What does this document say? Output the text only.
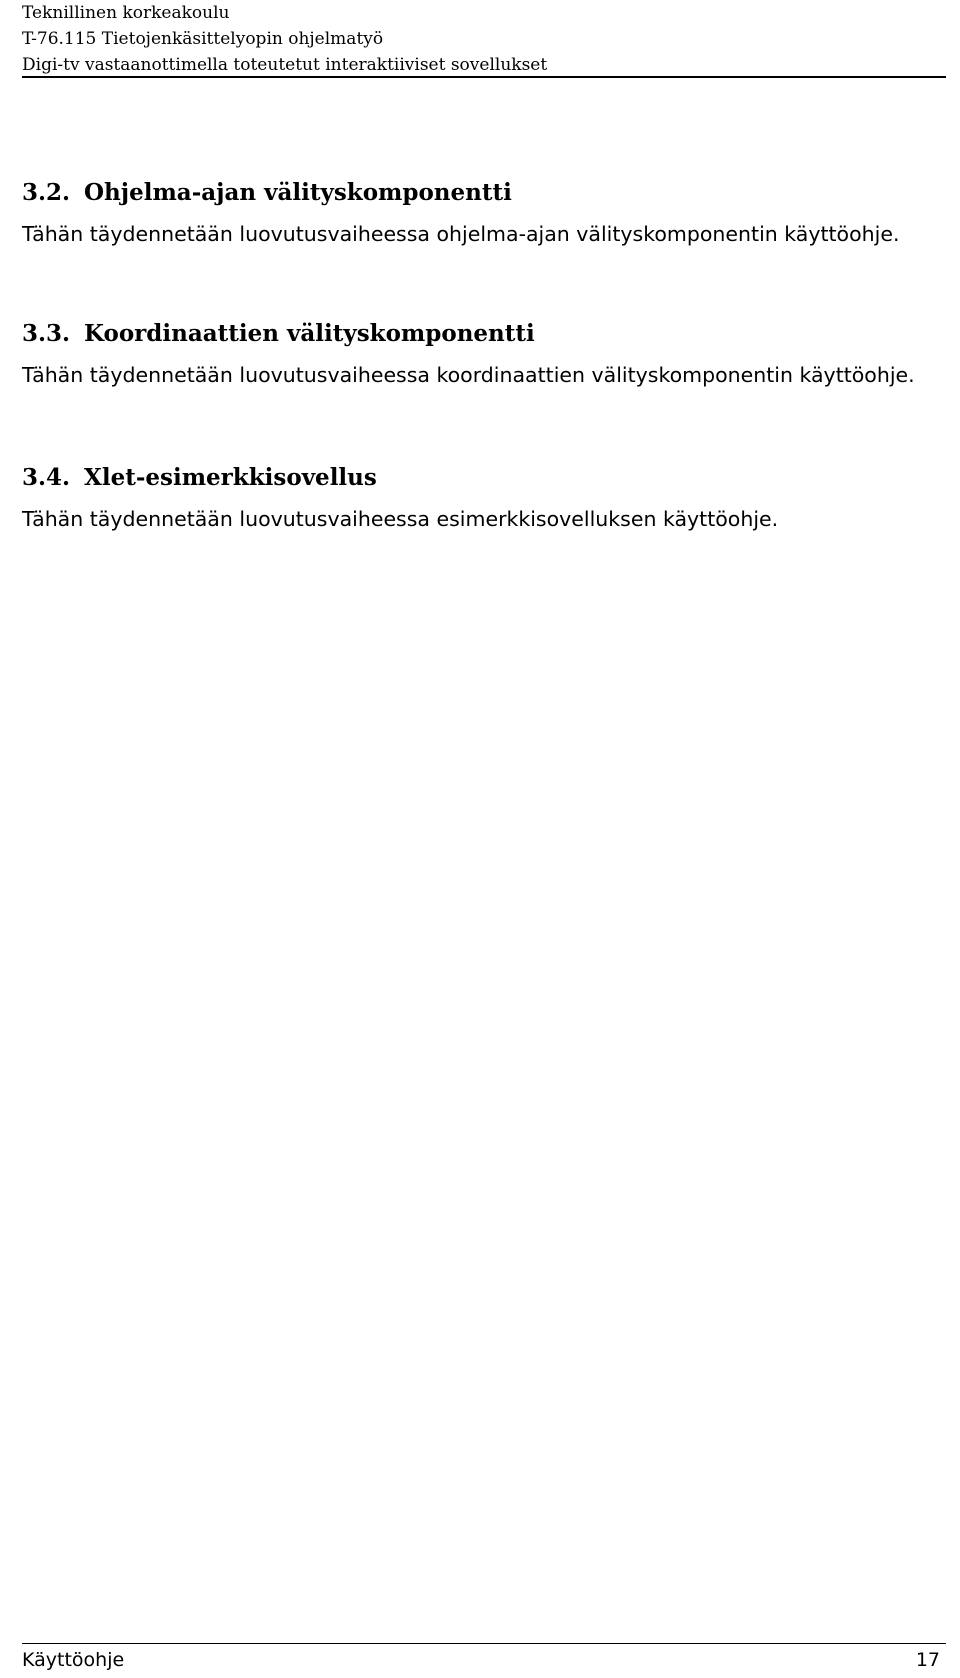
Teknillinen korkeakoulu
T-76.115 Tietojenkäsittelyopin ohjelmatyö
Digi-tv vastaanottimella toteutetut interaktiiviset sovellukset
3.2. Ohjelma-ajan välityskomponentti

Tähän täydennetään luovutusvaiheessa ohjelma-ajan välityskomponentin käyttöohje.

3.3. Koordinaattien välityskomponentti

Tähän täydennetään luovutusvaiheessa koordinaattien välityskomponentin käyttöohje.

3.4. Xlet-esimerkkisovellus

Tähän täydennetään luovutusvaiheessa esimerkkisovelluksen käyttöohje.

Käyttöohje	17
